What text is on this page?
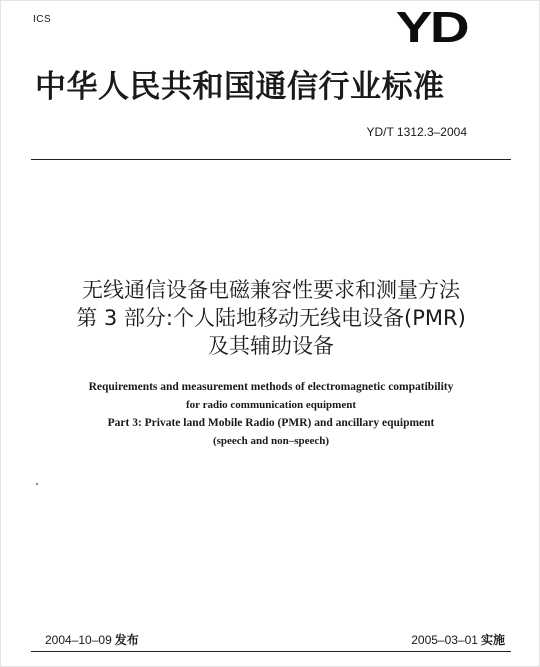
ICS	YD
中华人民共和国通信行业标准
YD/T 1312.3–2004
无线通信设备电磁兼容性要求和测量方法
第 3 部分:个人陆地移动无线电设备(PMR)
及其辅助设备
Requirements and measurement methods of electromagnetic compatibility
for radio communication equipment
Part 3: Private land Mobile Radio (PMR) and ancillary equipment
(speech and non–speech)
2004–10–09 发布	2005–03–01 实施
